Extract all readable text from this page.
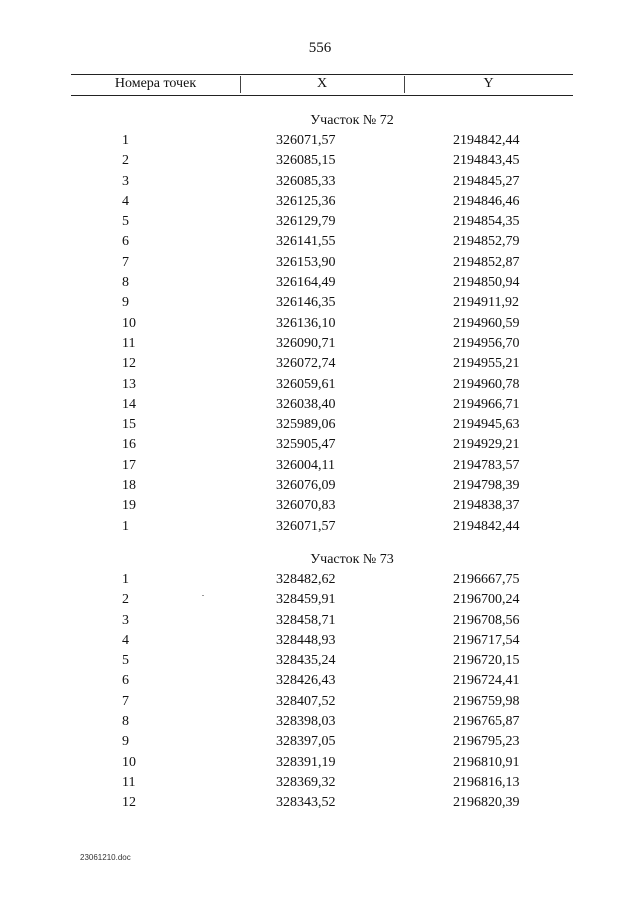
556
Номера точек	X	Y
Участок № 72
1	326071,57	2194842,44
2	326085,15	2194843,45
3	326085,33	2194845,27
4	326125,36	2194846,46
5	326129,79	2194854,35
6	326141,55	2194852,79
7	326153,90	2194852,87
8	326164,49	2194850,94
9	326146,35	2194911,92
10	326136,10	2194960,59
11	326090,71	2194956,70
12	326072,74	2194955,21
13	326059,61	2194960,78
14	326038,40	2194966,71
15	325989,06	2194945,63
16	325905,47	2194929,21
17	326004,11	2194783,57
18	326076,09	2194798,39
19	326070,83	2194838,37
1	326071,57	2194842,44
Участок № 73
1	328482,62	2196667,75
2	328459,91	2196700,24
3	328458,71	2196708,56
4	328448,93	2196717,54
5	328435,24	2196720,15
6	328426,43	2196724,41
7	328407,52	2196759,98
8	328398,03	2196765,87
9	328397,05	2196795,23
10	328391,19	2196810,91
11	328369,32	2196816,13
12	328343,52	2196820,39
23061210.doc
